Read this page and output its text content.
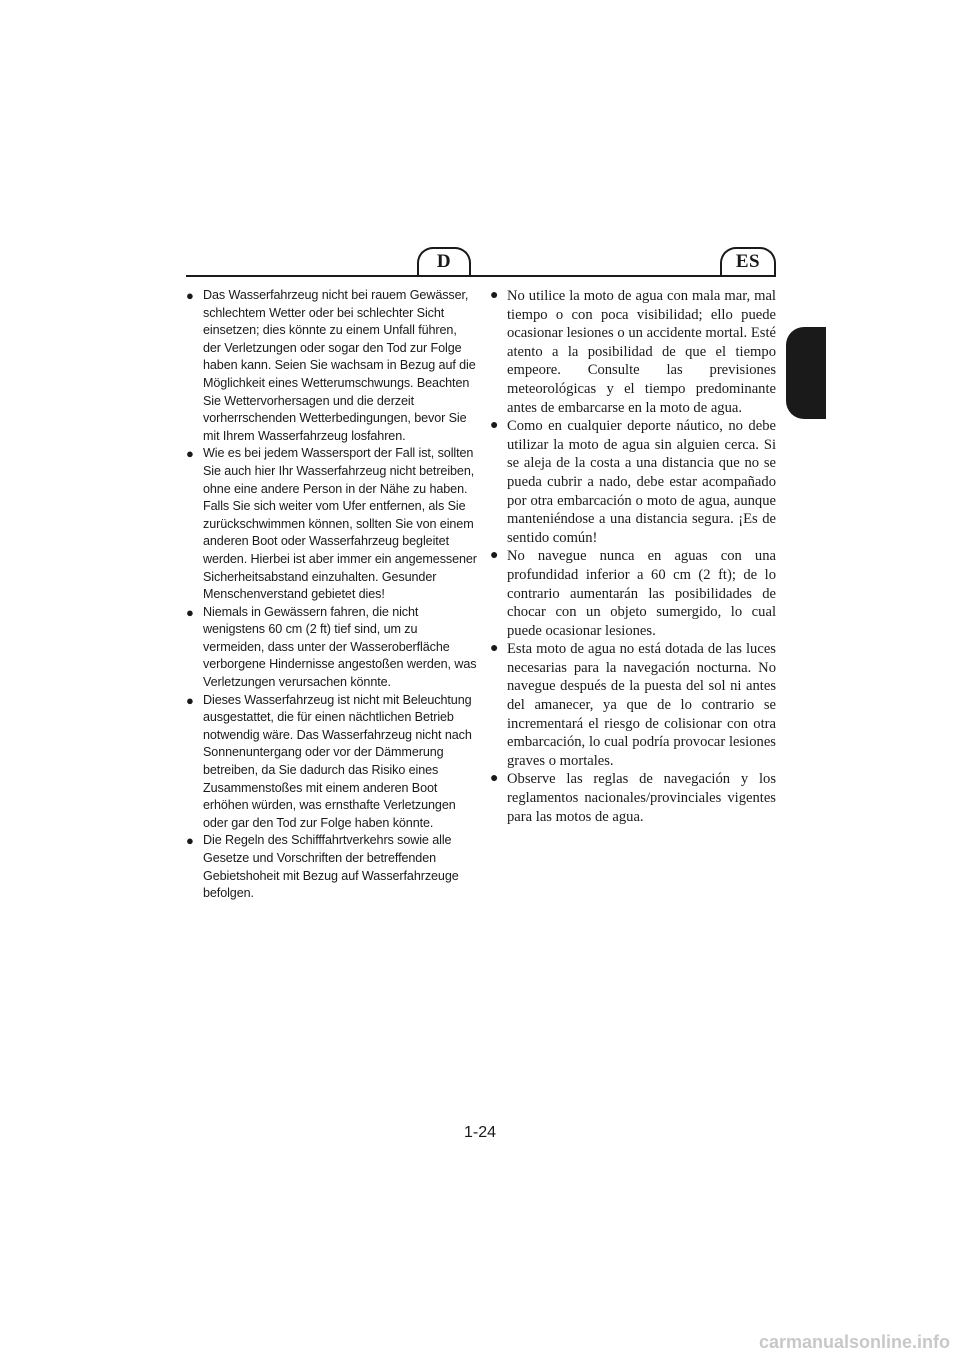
D	ES
● Das Wasserfahrzeug nicht bei rauem Gewässer, schlechtem Wetter oder bei schlechter Sicht einsetzen; dies könnte zu einem Unfall führen, der Verletzungen oder sogar den Tod zur Folge haben kann. Seien Sie wachsam in Bezug auf die Möglichkeit eines Wetterumschwungs. Beachten Sie Wettervorhersagen und die derzeit vorherrschenden Wetterbedingungen, bevor Sie mit Ihrem Wasserfahrzeug losfahren.
● Wie es bei jedem Wassersport der Fall ist, sollten Sie auch hier Ihr Wasserfahrzeug nicht betreiben, ohne eine andere Person in der Nähe zu haben. Falls Sie sich weiter vom Ufer entfernen, als Sie zurückschwimmen können, sollten Sie von einem anderen Boot oder Wasserfahrzeug begleitet werden. Hierbei ist aber immer ein angemessener Sicherheitsabstand einzuhalten. Gesunder Menschenverstand gebietet dies!
● Niemals in Gewässern fahren, die nicht wenigstens 60 cm (2 ft) tief sind, um zu vermeiden, dass unter der Wasseroberfläche verborgene Hindernisse angestoßen werden, was Verletzungen verursachen könnte.
● Dieses Wasserfahrzeug ist nicht mit Beleuchtung ausgestattet, die für einen nächtlichen Betrieb notwendig wäre. Das Wasserfahrzeug nicht nach Sonnenuntergang oder vor der Dämmerung betreiben, da Sie dadurch das Risiko eines Zusammenstoßes mit einem anderen Boot erhöhen würden, was ernsthafte Verletzungen oder gar den Tod zur Folge haben könnte.
● Die Regeln des Schifffahrtverkehrs sowie alle Gesetze und Vorschriften der betreffenden Gebietshoheit mit Bezug auf Wasserfahrzeuge befolgen.
● No utilice la moto de agua con mala mar, mal tiempo o con poca visibilidad; ello puede ocasionar lesiones o un accidente mortal. Esté atento a la posibilidad de que el tiempo empeore. Consulte las previsiones meteorológicas y el tiempo predominante antes de embarcarse en la moto de agua.
● Como en cualquier deporte náutico, no debe utilizar la moto de agua sin alguien cerca. Si se aleja de la costa a una distancia que no se pueda cubrir a nado, debe estar acompañado por otra embarcación o moto de agua, aunque manteniéndose a una distancia segura. ¡Es de sentido común!
● No navegue nunca en aguas con una profundidad inferior a 60 cm (2 ft); de lo contrario aumentarán las posibilidades de chocar con un objeto sumergido, lo cual puede ocasionar lesiones.
● Esta moto de agua no está dotada de las luces necesarias para la navegación nocturna. No navegue después de la puesta del sol ni antes del amanecer, ya que de lo contrario se incrementará el riesgo de colisionar con otra embarcación, lo cual podría provocar lesiones graves o mortales.
● Observe las reglas de navegación y los reglamentos nacionales/provinciales vigentes para las motos de agua.
1-24
carmanualsonline.info
